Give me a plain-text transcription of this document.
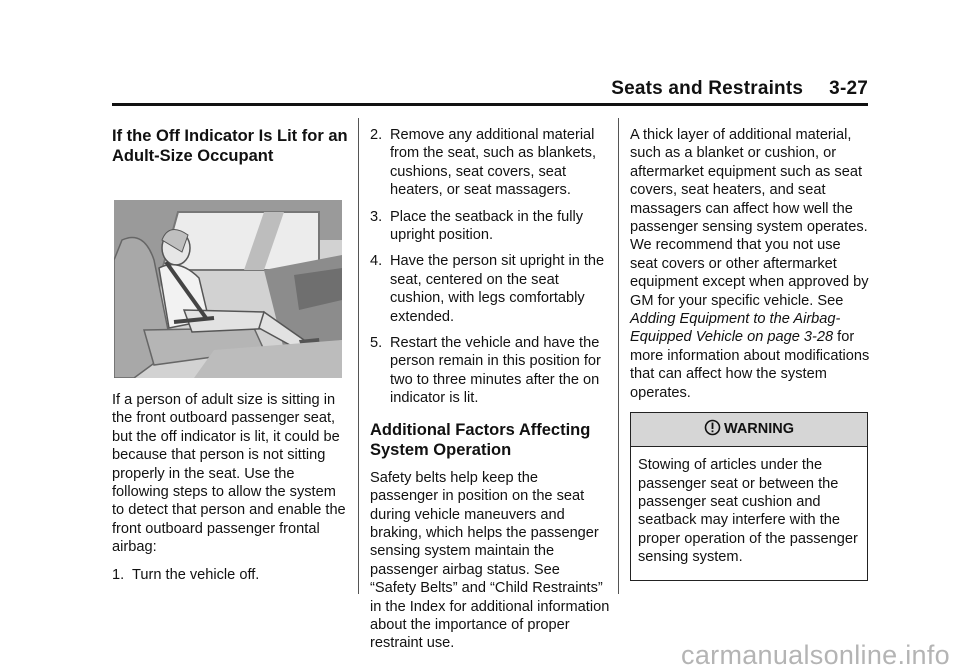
Seats and Restraints 3-27
If the Off Indicator Is Lit for an Adult-Size Occupant

If a person of adult size is sitting in the front outboard passenger seat, but the off indicator is lit, it could be because that person is not sitting properly in the seat. Use the following steps to allow the system to detect that person and enable the front outboard passenger frontal airbag:

1. Turn the vehicle off.
2. Remove any additional material from the seat, such as blankets, cushions, seat covers, seat heaters, or seat massagers.
3. Place the seatback in the fully upright position.
4. Have the person sit upright in the seat, centered on the seat cushion, with legs comfortably extended.
5. Restart the vehicle and have the person remain in this position for two to three minutes after the on indicator is lit.
Additional Factors Affecting System Operation

Safety belts help keep the passenger in position on the seat during vehicle maneuvers and braking, which helps the passenger sensing system maintain the passenger airbag status. See “Safety Belts” and “Child Restraints” in the Index for additional information about the importance of proper restraint use.

A thick layer of additional material, such as a blanket or cushion, or aftermarket equipment such as seat covers, seat heaters, and seat massagers can affect how well the passenger sensing system operates. We recommend that you not use seat covers or other aftermarket equipment except when approved by GM for your specific vehicle. See Adding Equipment to the Airbag-Equipped Vehicle on page 3-28 for more information about modifications that can affect how the system operates.

WARNING
Stowing of articles under the passenger seat or between the passenger seat cushion and seatback may interfere with the proper operation of the passenger sensing system.
carmanualsonline.info
